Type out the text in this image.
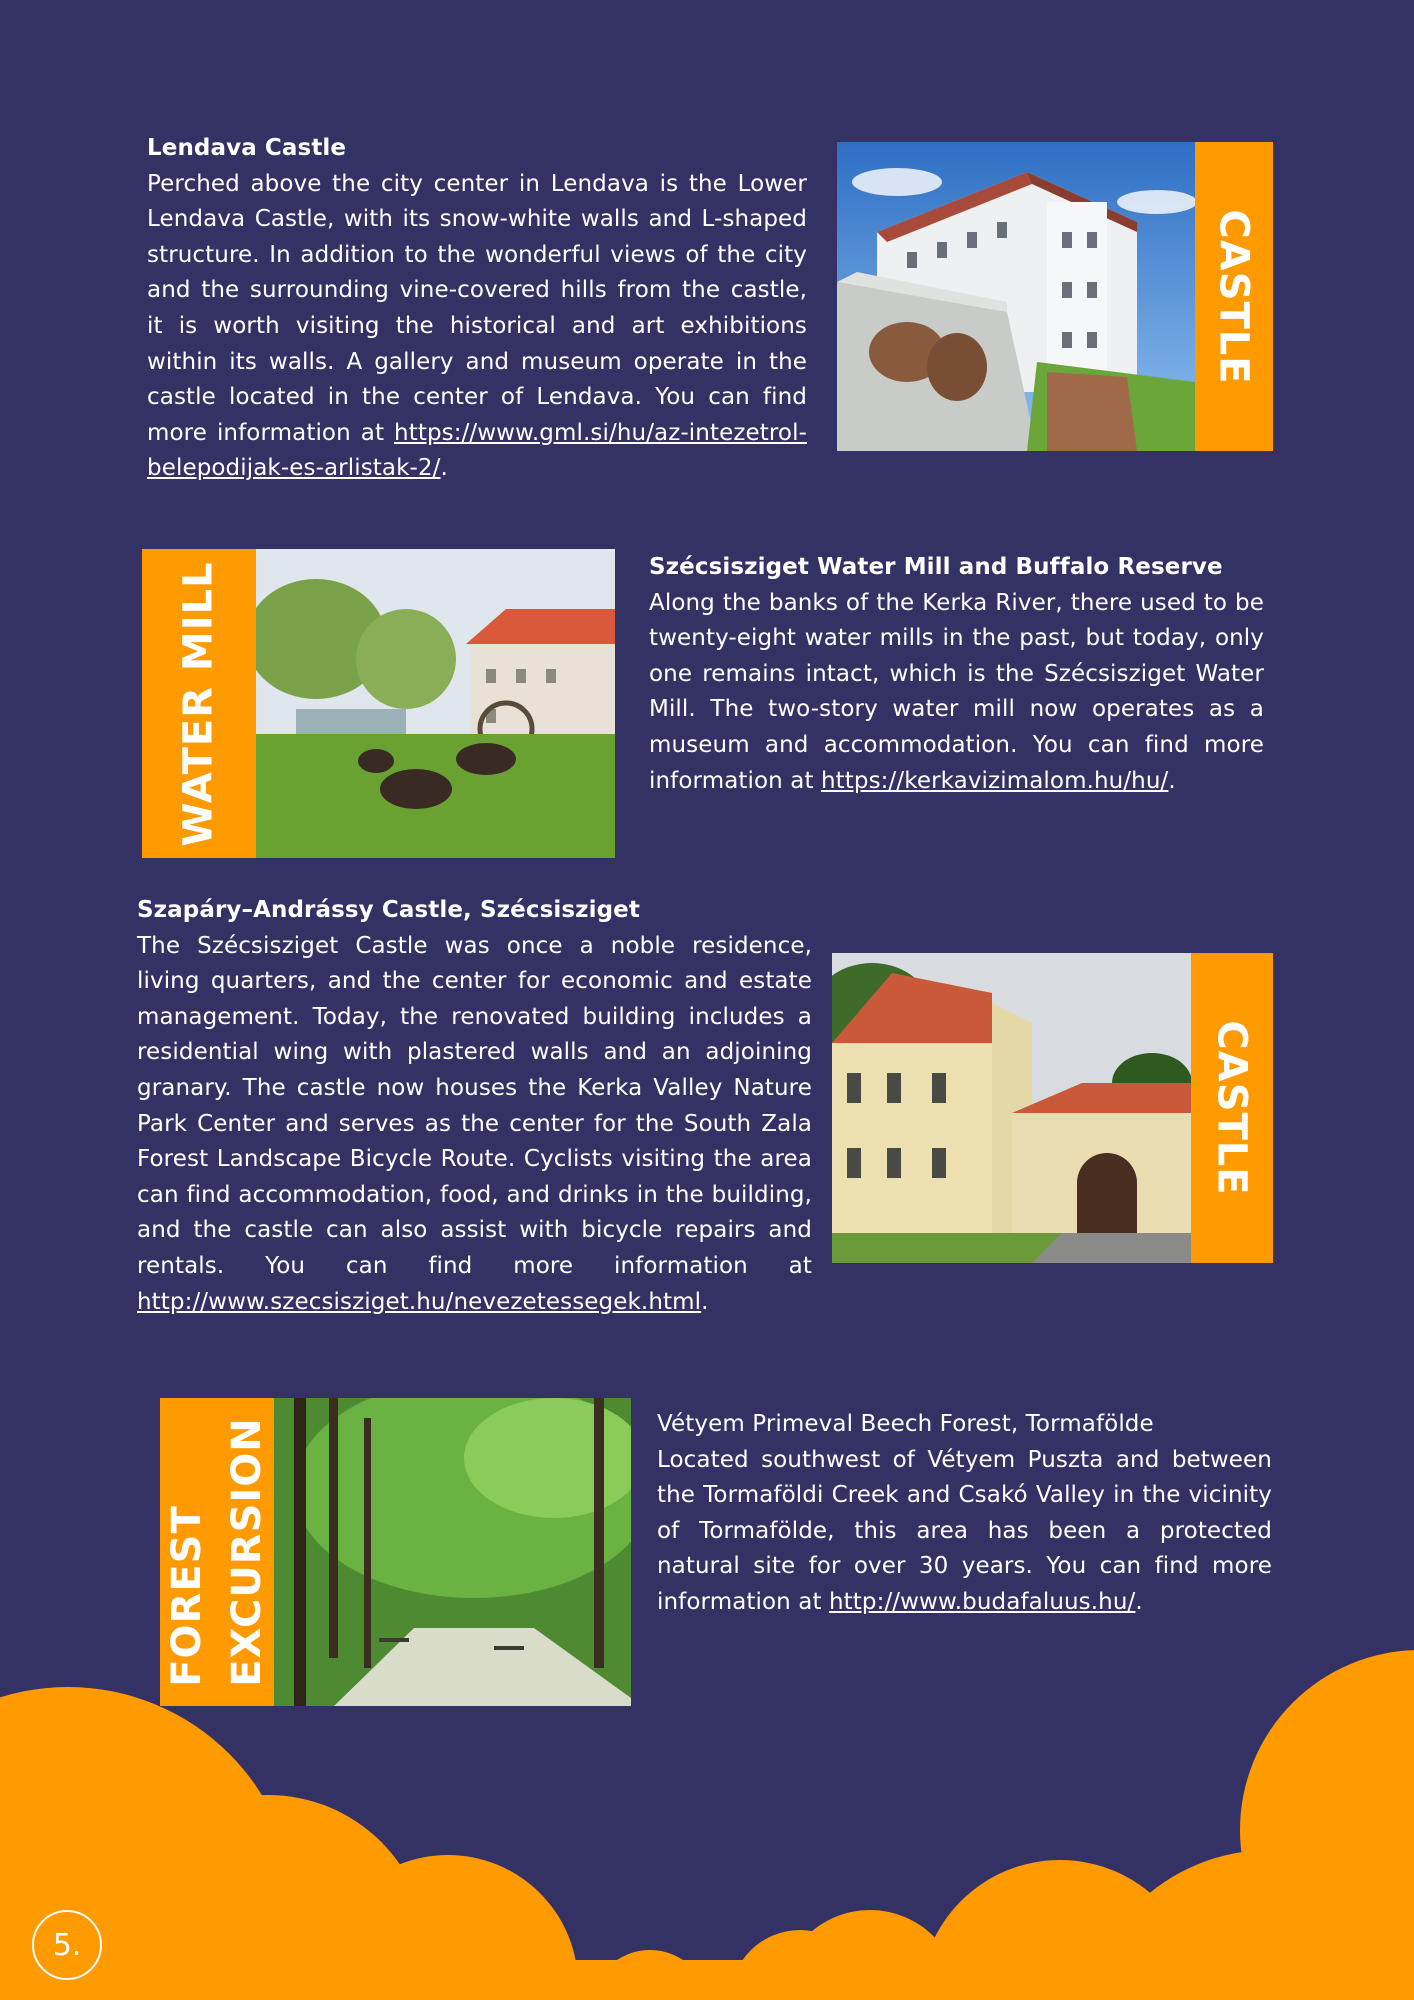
Lendava Castle
Perched above the city center in Lendava is the Lower Lendava Castle, with its snow-white walls and L-shaped structure. In addition to the wonderful views of the city and the surrounding vine-covered hills from the castle, it is worth visiting the historical and art exhibitions within its walls. A gallery and museum operate in the castle located in the center of Lendava. You can find more information at https://www.gml.si/hu/az-intezetrol-belepodijak-es-arlistak-2/.
CASTLE
WATER MILL	Szécsisziget Water Mill and Buffalo Reserve
Along the banks of the Kerka River, there used to be twenty-eight water mills in the past, but today, only one remains intact, which is the Szécsisziget Water Mill. The two-story water mill now operates as a museum and accommodation. You can find more information at https://kerkavizimalom.hu/hu/.
Szapáry–Andrássy Castle, Szécsisziget
The Szécsisziget Castle was once a noble residence, living quarters, and the center for economic and estate management. Today, the renovated building includes a residential wing with plastered walls and an adjoining granary. The castle now houses the Kerka Valley Nature Park Center and serves as the center for the South Zala Forest Landscape Bicycle Route. Cyclists visiting the area can find accommodation, food, and drinks in the building, and the castle can also assist with bicycle repairs and rentals. You can find more information at http://www.szecsisziget.hu/nevezetessegek.html.
CASTLE
FOREST EXCURSION	Vétyem Primeval Beech Forest, Tormafölde
Located southwest of Vétyem Puszta and between the Tormaföldi Creek and Csakó Valley in the vicinity of Tormafölde, this area has been a protected natural site for over 30 years. You can find more information at http://www.budafaluus.hu/.
5.
